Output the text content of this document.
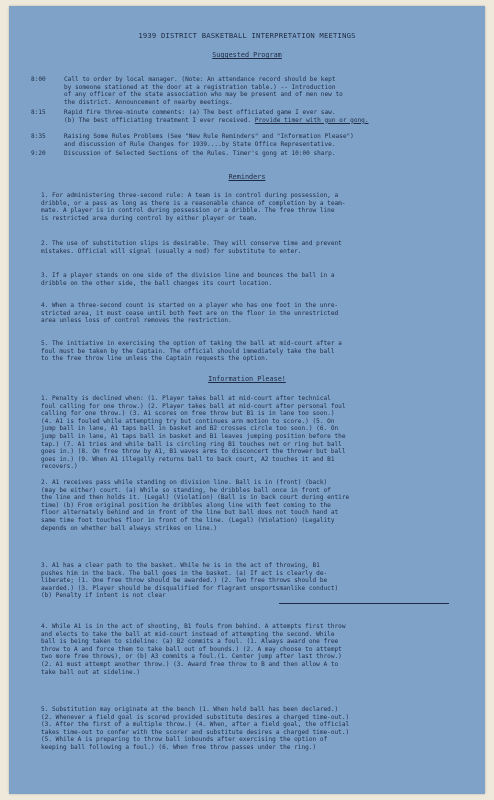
1939 DISTRICT BASKETBALL INTERPRETATION MEETINGS
Suggested Program
8:00	Call to order by local manager. (Note: An attendance record should be kept
by someone stationed at the door at a registration table.) -- Introduction
of any officer of the state association who may be present and of men new to
the district. Announcement of nearby meetings.
8:15	Rapid fire three-minute comments: (a) The best officiated game I ever saw.
(b) The best officiating treatment I ever received. Provide timer with gun or gong.
8:35	Raising Some Rules Problems (See "New Rule Reminders" and "Information Please")
and discussion of Rule Changes for 1939....by State Office Representative.
9:20	Discussion of Selected Sections of the Rules. Timer's gong at 10:00 sharp.
Reminders
1. For administering three-second rule: A team is in control during possession, a
dribble, or a pass as long as there is a reasonable chance of completion by a team-
mate. A player is in control during possession or a dribble. The free throw line
is restricted area during control by either player or team.
2. The use of substitution slips is desirable. They will conserve time and prevent
mistakes. Official will signal (usually a nod) for substitute to enter.
3. If a player stands on one side of the division line and bounces the ball in a
dribble on the other side, the ball changes its court location.
4. When a three-second count is started on a player who has one foot in the unre-
stricted area, it must cease until both feet are on the floor in the unrestricted
area unless loss of control removes the restriction.
5. The initiative in exercising the option of taking the ball at mid-court after a
foul must be taken by the Captain. The official should immediately take the ball
to the free throw line unless the Captain requests the option.
Information Please!
1. Penalty is declined when: (1. Player takes ball at mid-court after technical
foul calling for one throw.) (2. Player takes ball at mid-court after personal foul
calling for one throw.) (3. A1 scores on free throw but B1 is in lane too soon.)
(4. A1 is fouled while attempting try but continues arm motion to score.) (5. On
jump ball in lane, A1 taps ball in basket and B2 crosses circle too soon.) (6. On
jump ball in lane, A1 taps ball in basket and B1 leaves jumping position before the
tap.) (7. A1 tries and while ball is circling ring B1 touches net or ring but ball
goes in.) (8. On free throw by A1, B1 waves arms to disconcert the thrower but ball
goes in.) (9. When A1 illegally returns ball to back court, A2 touches it and B1
recovers.)
2. A1 receives pass while standing on division line. Ball is in (front) (back)
(may be either) court. (a) While so standing, he dribbles ball once in front of
the line and then holds it. (Legal) (Violation) (Ball is in back court during entire
time) (b) From original position he dribbles along line with feet coming to the
floor alternately behind and in front of the line but ball does not touch hand at
same time foot touches floor in front of the line. (Legal) (Violation) (Legality
depends on whether ball always strikes on line.)
3. A1 has a clear path to the basket. While he is in the act of throwing, B1
pushes him in the back. The ball goes in the basket. (a) If act is clearly de-
liberate; (1. One free throw should be awarded.) (2. Two free throws should be
awarded.) (3. Player should be disqualified for flagrant unsportsmanlike conduct)
(b) Penalty if intent is not clear
4. While A1 is in the act of shooting, B1 fouls from behind. A attempts first throw
and elects to take the ball at mid-court instead of attempting the second. While
ball is being taken to sideline: (a) B2 commits a foul. (1. Always award one free
throw to A and force them to take ball out of bounds.) (2. A may choose to attempt
two more free throws), or (b) A3 commits a foul.(1. Center jump after last throw.)
(2. A1 must attempt another throw.) (3. Award free throw to B and then allow A to
take ball out at sideline.)
5. Substitution may originate at the bench (1. When held ball has been declared.)
(2. Whenever a field goal is scored provided substitute desires a charged time-out.)
(3. After the first of a multiple throw.) (4. When, after a field goal, the official
takes time-out to confer with the scorer and substitute desires a charged time-out.)
(5. While A is preparing to throw ball inbounds after exercising the option of
keeping ball following a foul.) (6. When free throw passes under the ring.)
